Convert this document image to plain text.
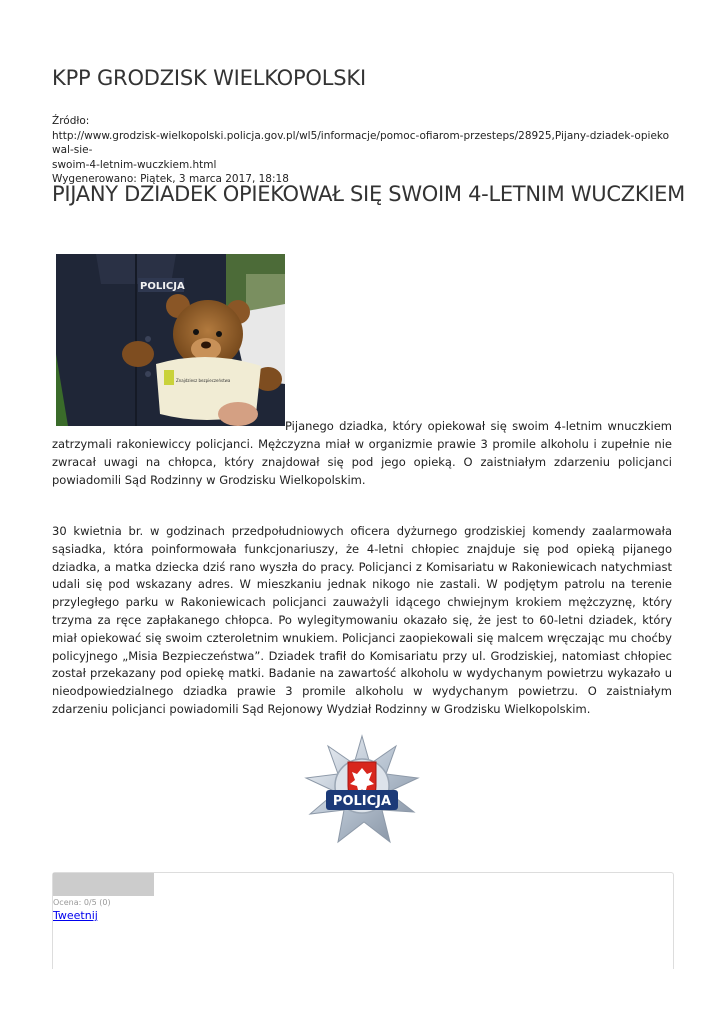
KPP GRODZISK WIELKOPOLSKI
Źródło:
http://www.grodzisk-wielkopolski.policja.gov.pl/wl5/informacje/pomoc-ofiarom-przesteps/28925,Pijany-dziadek-opiekowal-sie-
swoim-4-letnim-wuczkiem.html
Wygenerowano: Piątek, 3 marca 2017, 18:18
PIJANY DZIADEK OPIEKOWAŁ SIĘ SWOIM 4-LETNIM WUCZKIEM
POLICJA
Znajdziesz bezpieczeństwa
Pijanego dziadka, który opiekował się swoim 4-letnim wnuczkiem zatrzymali rakoniewiccy policjanci. Mężczyzna miał w organizmie prawie 3 promile alkoholu i zupełnie nie zwracał uwagi na chłopca, który znajdował się pod jego opieką. O zaistniałym zdarzeniu policjanci powiadomili Sąd Rodzinny w Grodzisku Wielkopolskim.
30 kwietnia br. w godzinach przedpołudniowych oficera dyżurnego grodziskiej komendy zaalarmowała sąsiadka, która poinformowała funkcjonariuszy, że 4-letni chłopiec znajduje się pod opieką pijanego dziadka, a matka dziecka dziś rano wyszła do pracy. Policjanci z Komisariatu w Rakoniewicach natychmiast udali się pod wskazany adres. W mieszkaniu jednak nikogo nie zastali. W podjętym patrolu na terenie przyległego parku w Rakoniewicach policjanci zauważyli idącego chwiejnym krokiem mężczyznę, który trzyma za ręce zapłakanego chłopca. Po wylegitymowaniu okazało się, że jest to 60-letni dziadek, który miał opiekować się swoim czteroletnim wnukiem. Policjanci zaopiekowali się malcem wręczając mu choćby policyjnego „Misia Bezpieczeństwa”. Dziadek trafił do Komisariatu przy ul. Grodziskiej, natomiast chłopiec został przekazany pod opiekę matki. Badanie na zawartość alkoholu w wydychanym powietrzu wykazało u nieodpowiedzialnego dziadka prawie 3 promile alkoholu w wydychanym powietrzu. O zaistniałym zdarzeniu policjanci powiadomili Sąd Rejonowy Wydział Rodzinny w Grodzisku Wielkopolskim.
POLICJA
Ocena: 0/5 (0)
Tweetnij
